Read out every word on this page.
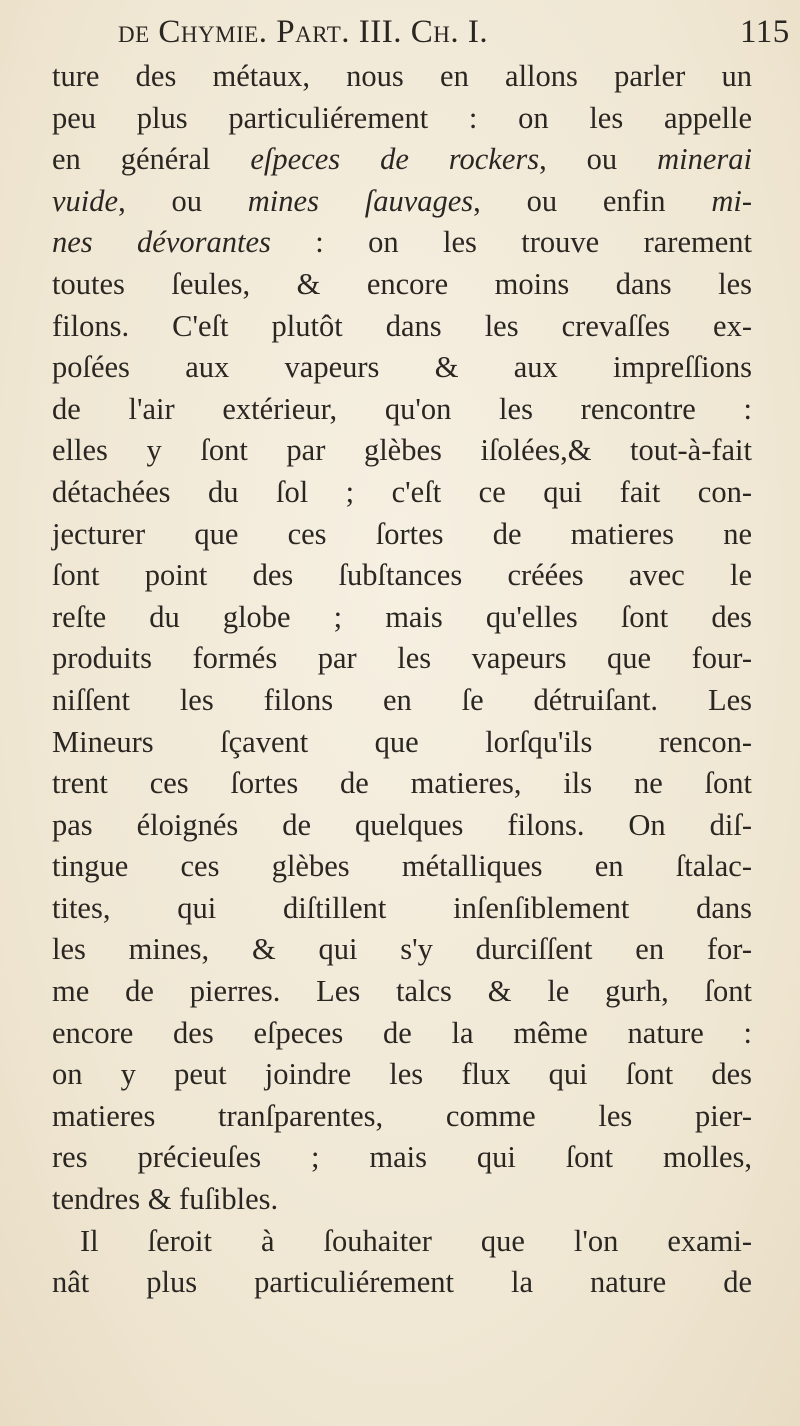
de Chymie. Part. III. Ch. I.	115
ture des métaux, nous en allons parler un
peu plus particuliérement : on les appelle
en général eſpeces de rockers, ou minerai
vuide, ou mines ſauvages, ou enfin mi-
nes dévorantes : on les trouve rarement
toutes ſeules, & encore moins dans les
filons. C'eſt plutôt dans les crevaſſes ex-
poſées aux vapeurs & aux impreſſions
de l'air extérieur, qu'on les rencontre :
elles y ſont par glèbes iſolées,& tout-à-fait
détachées du ſol ; c'eſt ce qui fait con-
jecturer que ces ſortes de matieres ne
ſont point des ſubſtances créées avec le
reſte du globe ; mais qu'elles ſont des
produits formés par les vapeurs que four-
niſſent les filons en ſe détruiſant. Les
Mineurs ſçavent que lorſqu'ils rencon-
trent ces ſortes de matieres, ils ne ſont
pas éloignés de quelques filons. On diſ-
tingue ces glèbes métalliques en ſtalac-
tites, qui diſtillent inſenſiblement dans
les mines, & qui s'y durciſſent en for-
me de pierres. Les talcs & le gurh, ſont
encore des eſpeces de la même nature :
on y peut joindre les flux qui ſont des
matieres tranſparentes, comme les pier-
res précieuſes ; mais qui ſont molles,
tendres & fuſibles.
Il ſeroit à ſouhaiter que l'on exami-
nât plus particuliérement la nature de
